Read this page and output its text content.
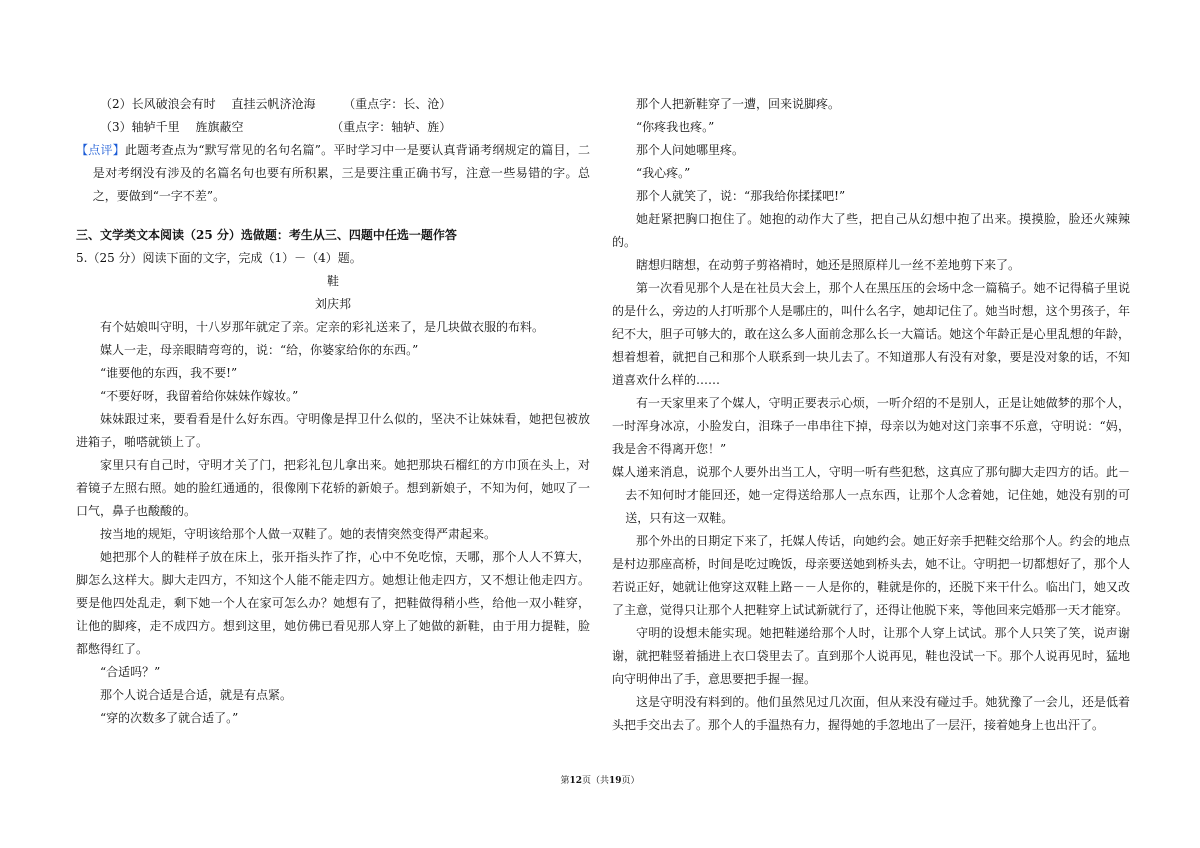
（2）长风破浪会有时　 直挂云帆济沧海　　 （重点字：长、沧）

（3）轴轳千里　 旌旗蔽空　　　　　　　 （重点字：轴轳、旌）

【点评】此题考查点为“默写常见的名句名篇”。平时学习中一是要认真背诵考纲规定的篇目，二是对考纲没有涉及的名篇名句也要有所积累，三是要注重正确书写，注意一些易错的字。总之，要做到“一字不差”。

三、文学类文本阅读（25 分）选做题：考生从三、四题中任选一题作答

5.（25 分）阅读下面的文字，完成（1）－（4）题。

鞋

刘庆邦

有个姑娘叫守明，十八岁那年就定了亲。定亲的彩礼送来了，是几块做衣服的布料。

媒人一走，母亲眼睛弯弯的，说：“给，你婆家给你的东西。”

“谁要他的东西，我不要!”

“不要好呀，我留着给你妹妹作嫁妆。”

妹妹跟过来，要看看是什么好东西。守明像是捍卫什么似的，坚决不让妹妹看，她把包被放进箱子，啪嗒就锁上了。

家里只有自己时，守明才关了门，把彩礼包儿拿出来。她把那块石榴红的方巾顶在头上，对着镜子左照右照。她的脸红通通的，很像刚下花轿的新娘子。想到新娘子，不知为何，她叹了一口气，鼻子也酸酸的。

按当地的规矩，守明该给那个人做一双鞋了。她的表情突然变得严肃起来。

她把那个人的鞋样子放在床上，张开指头拃了拃，心中不免吃惊，天哪，那个人人不算大，脚怎么这样大。脚大走四方，不知这个人能不能走四方。她想让他走四方，又不想让他走四方。要是他四处乱走，剩下她一个人在家可怎么办？她想有了，把鞋做得稍小些，给他一双小鞋穿，让他的脚疼，走不成四方。想到这里，她仿佛已看见那人穿上了她做的新鞋，由于用力提鞋，脸都憋得红了。

“合适吗？”

那个人说合适是合适，就是有点紧。

“穿的次数多了就合适了。”

那个人把新鞋穿了一遭，回来说脚疼。

“你疼我也疼。”

那个人问她哪里疼。

“我心疼。”

那个人就笑了，说：“那我给你揉揉吧!”

她赶紧把胸口抱住了。她抱的动作大了些，把自己从幻想中抱了出来。摸摸脸，脸还火辣辣的。

瞎想归瞎想，在动剪子剪袼褙时，她还是照原样儿一丝不差地剪下来了。

第一次看见那个人是在社员大会上，那个人在黑压压的会场中念一篇稿子。她不记得稿子里说的是什么，旁边的人打听那个人是哪庄的，叫什么名字，她却记住了。她当时想，这个男孩子，年纪不大，胆子可够大的，敢在这么多人面前念那么长一大篇话。她这个年龄正是心里乱想的年龄，想着想着，就把自己和那个人联系到一块儿去了。不知道那人有没有对象，要是没对象的话，不知道喜欢什么样的……

有一天家里来了个媒人，守明正要表示心烦，一听介绍的不是别人，正是让她做梦的那个人，一时浑身冰凉，小脸发白，泪珠子一串串往下掉，母亲以为她对这门亲事不乐意，守明说：“妈，我是舍不得离开您！”

媒人递来消息，说那个人要外出当工人，守明一听有些犯愁，这真应了那句脚大走四方的话。此－去不知何时才能回还，她一定得送给那人一点东西，让那个人念着她，记住她，她没有别的可送，只有这一双鞋。

那个外出的日期定下来了，托媒人传话，向她约会。她正好亲手把鞋交给那个人。约会的地点是村边那座高桥，时间是吃过晚饭，母亲要送她到桥头去，她不让。守明把一切都想好了，那个人若说正好，她就让他穿这双鞋上路－－人是你的，鞋就是你的，还脱下来干什么。临出门，她又改了主意，觉得只让那个人把鞋穿上试试新就行了，还得让他脱下来，等他回来完婚那一天才能穿。

守明的设想未能实现。她把鞋递给那个人时，让那个人穿上试试。那个人只笑了笑，说声谢谢，就把鞋竖着插进上衣口袋里去了。直到那个人说再见，鞋也没试一下。那个人说再见时，猛地向守明伸出了手，意思要把手握一握。

这是守明没有料到的。他们虽然见过几次面，但从来没有碰过手。她犹豫了一会儿，还是低着头把手交出去了。那个人的手温热有力，握得她的手忽地出了一层汗，接着她身上也出汗了。

第12页（共19页）
